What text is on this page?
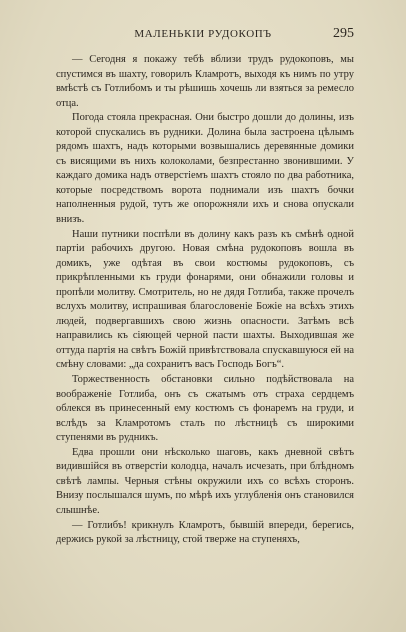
МАЛЕНЬКIИ РУДОКОПЪ	295

— Сегодня я покажу тебѣ вблизи трудъ рудокоповъ, мы спустимся въ шахту, говорилъ Кламротъ, выходя къ нимъ по утру вмѣстѣ съ Готлибомъ и ты рѣшишь хочешь ли взяться за ремесло отца.

Погода стояла прекрасная. Они быстро дошли до долины, изъ которой спускались въ рудники. Долина была застроена цѣлымъ рядомъ шахтъ, надъ которыми возвышались деревянные домики съ висящими въ нихъ колоколами, безпрестанно звонившими. У каждаго домика надъ отверстіемъ шахтъ стояло по два работника, которые посредствомъ ворота поднимали изъ шахтъ бочки наполненныя рудой, тутъ же опорожняли ихъ и снова опускали внизъ.

Наши путники поспѣли въ долину какъ разъ къ смѣнѣ одной партіи рабочихъ другою. Новая смѣна рудокоповъ вошла въ домикъ, уже одѣтая въ свои костюмы рудокоповъ, съ прикрѣпленными къ груди фонарями, они обнажили головы и пропѣли молитву. Смотритель, но не дядя Готлиба, также прочелъ вслухъ молитву, испрашивая благословеніе Божіе на всѣхъ этихъ людей, подвергавшихъ свою жизнь опасности. Затѣмъ всѣ направились къ сіяющей черной пасти шахты. Выходившая же оттуда партія на свѣтъ Божій привѣтствовала спускавшуюся ей на смѣну словами: „да сохранитъ васъ Господь Богъ“.

Торжественность обстановки сильно подѣйствовала на воображеніе Готлиба, онъ съ сжатымъ отъ страха сердцемъ облекся въ принесенный ему костюмъ съ фонаремъ на груди, и вслѣдъ за Кламротомъ сталъ по лѣстницѣ съ широкими ступенями въ рудникъ.

Едва прошли они нѣсколько шаговъ, какъ дневной свѣтъ видившійся въ отверстіи колодца, началъ исчезать, при блѣдномъ свѣтѣ лампы. Черныя стѣны окружили ихъ со всѣхъ сторонъ. Внизу послышался шумъ, по мѣрѣ ихъ углубленія онъ становился слышнѣе.

— Готлибъ! крикнулъ Кламротъ, бывшій впереди, берегись, держись рукой за лѣстницу, стой тверже на ступеняхъ,
